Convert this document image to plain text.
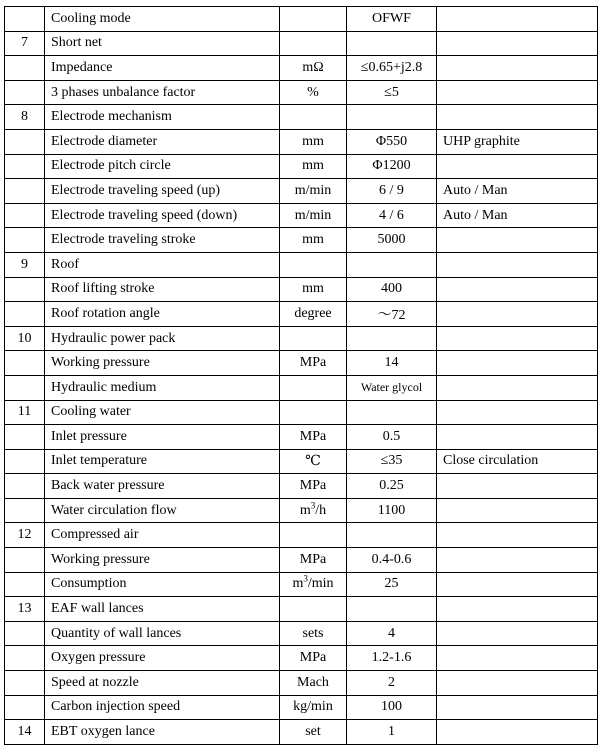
	Cooling mode		OFWF	
7	Short net			
	Impedance	mΩ	≤0.65+j2.8	
	3 phases unbalance factor	%	≤5	
8	Electrode mechanism			
	Electrode diameter	mm	Φ550	UHP graphite
	Electrode pitch circle	mm	Φ1200	
	Electrode traveling speed (up)	m/min	6 / 9	Auto / Man
	Electrode traveling speed (down)	m/min	4 / 6	Auto / Man
	Electrode traveling stroke	mm	5000	
9	Roof			
	Roof lifting stroke	mm	400	
	Roof rotation angle	degree	～72	
10	Hydraulic power pack			
	Working pressure	MPa	14	
	Hydraulic medium		Water glycol	
11	Cooling water			
	Inlet pressure	MPa	0.5	
	Inlet temperature	℃	≤35	Close circulation
	Back water pressure	MPa	0.25	
	Water circulation flow	$m^3/h$	1100	
12	Compressed air			
	Working pressure	MPa	0.4-0.6	
	Consumption	$m^3/\min$	25	
13	EAF wall lances			
	Quantity of wall lances	sets	4	
	Oxygen pressure	MPa	1.2-1.6	
	Speed at nozzle	Mach	2	
	Carbon injection speed	kg/min	100	
14	EBT oxygen lance	set	1	
